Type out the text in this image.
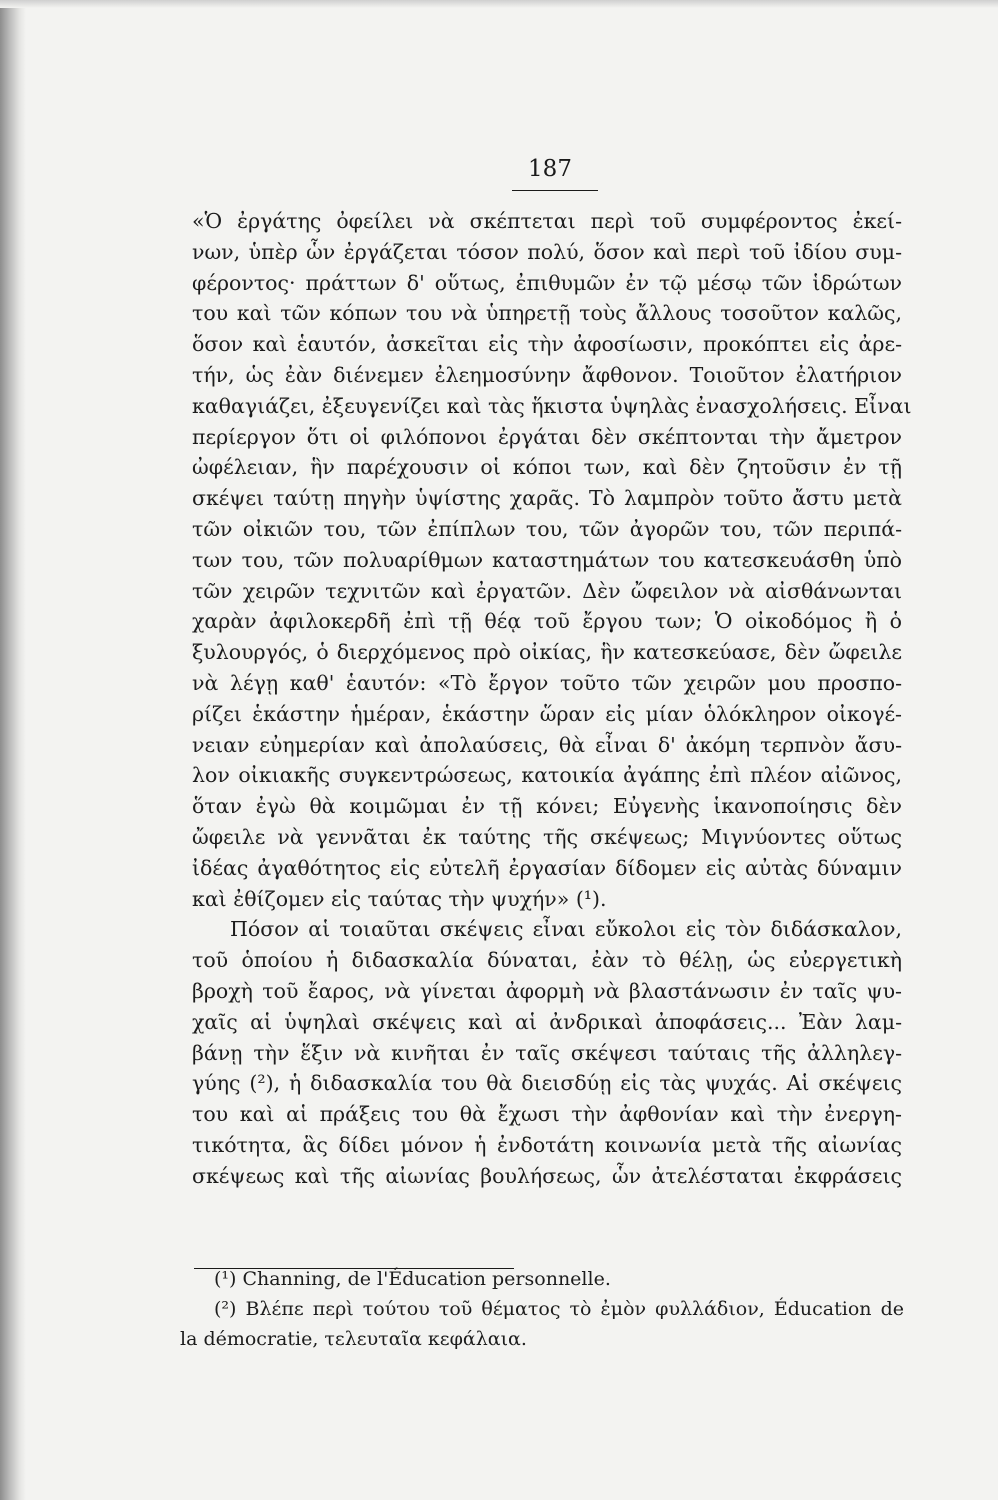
187
«Ὁ ἐργάτης ὀφείλει νὰ σκέπτεται περὶ τοῦ συμφέροντος ἐκεί-
νων, ὑπὲρ ὧν ἐργάζεται τόσον πολύ, ὅσον καὶ περὶ τοῦ ἰδίου συμ-
φέροντος· πράττων δ' οὕτως, ἐπιθυμῶν ἐν τῷ μέσῳ τῶν ἱδρώτων
του καὶ τῶν κόπων του νὰ ὑπηρετῇ τοὺς ἄλλους τοσοῦτον καλῶς,
ὅσον καὶ ἑαυτόν, ἀσκεῖται εἰς τὴν ἀφοσίωσιν, προκόπτει εἰς ἀρε-
τήν, ὡς ἐὰν διένεμεν ἐλεημοσύνην ἄφθονον. Τοιοῦτον ἐλατήριον
καθαγιάζει, ἐξευγενίζει καὶ τὰς ἥκιστα ὑψηλὰς ἐνασχολήσεις. Εἶναι
περίεργον ὅτι οἱ φιλόπονοι ἐργάται δὲν σκέπτονται τὴν ἄμετρον
ὠφέλειαν, ἣν παρέχουσιν οἱ κόποι των, καὶ δὲν ζητοῦσιν ἐν τῇ
σκέψει ταύτῃ πηγὴν ὑψίστης χαρᾶς. Τὸ λαμπρὸν τοῦτο ἄστυ μετὰ
τῶν οἰκιῶν του, τῶν ἐπίπλων του, τῶν ἀγορῶν του, τῶν περιπά-
των του, τῶν πολυαρίθμων καταστημάτων του κατεσκευάσθη ὑπὸ
τῶν χειρῶν τεχνιτῶν καὶ ἐργατῶν. Δὲν ὤφειλον νὰ αἰσθάνωνται
χαρὰν ἀφιλοκερδῆ ἐπὶ τῇ θέᾳ τοῦ ἔργου των; Ὁ οἰκοδόμος ἢ ὁ
ξυλουργός, ὁ διερχόμενος πρὸ οἰκίας, ἣν κατεσκεύασε, δὲν ὤφειλε
νὰ λέγῃ καθ' ἑαυτόν: «Τὸ ἔργον τοῦτο τῶν χειρῶν μου προσπο-
ρίζει ἑκάστην ἡμέραν, ἑκάστην ὥραν εἰς μίαν ὁλόκληρον οἰκογέ-
νειαν εὐημερίαν καὶ ἀπολαύσεις, θὰ εἶναι δ' ἀκόμη τερπνὸν ἄσυ-
λον οἰκιακῆς συγκεντρώσεως, κατοικία ἀγάπης ἐπὶ πλέον αἰῶνος,
ὅταν ἐγὼ θὰ κοιμῶμαι ἐν τῇ κόνει; Εὐγενὴς ἱκανοποίησις δὲν
ὤφειλε νὰ γεννᾶται ἐκ ταύτης τῆς σκέψεως; Μιγνύοντες οὕτως
ἰδέας ἀγαθότητος εἰς εὐτελῆ ἐργασίαν δίδομεν εἰς αὐτὰς δύναμιν
καὶ ἐθίζομεν εἰς ταύτας τὴν ψυχήν» (¹).
Πόσον αἱ τοιαῦται σκέψεις εἶναι εὔκολοι εἰς τὸν διδάσκαλον,
τοῦ ὁποίου ἡ διδασκαλία δύναται, ἐὰν τὸ θέλῃ, ὡς εὐεργετικὴ
βροχὴ τοῦ ἔαρος, νὰ γίνεται ἀφορμὴ νὰ βλαστάνωσιν ἐν ταῖς ψυ-
χαῖς αἱ ὑψηλαὶ σκέψεις καὶ αἱ ἀνδρικαὶ ἀποφάσεις... Ἐὰν λαμ-
βάνῃ τὴν ἕξιν νὰ κινῆται ἐν ταῖς σκέψεσι ταύταις τῆς ἀλληλεγ-
γύης (²), ἡ διδασκαλία του θὰ διεισδύῃ εἰς τὰς ψυχάς. Αἱ σκέψεις
του καὶ αἱ πράξεις του θὰ ἔχωσι τὴν ἀφθονίαν καὶ τὴν ἐνεργη-
τικότητα, ἃς δίδει μόνον ἡ ἐνδοτάτη κοινωνία μετὰ τῆς αἰωνίας
σκέψεως καὶ τῆς αἰωνίας βουλήσεως, ὧν ἀτελέσταται ἐκφράσεις
(¹) Channing, de l'Éducation personnelle.
(²) Βλέπε περὶ τούτου τοῦ θέματος τὸ ἐμὸν φυλλάδιον, Éducation de
la démocratie, τελευταῖα κεφάλαια.
